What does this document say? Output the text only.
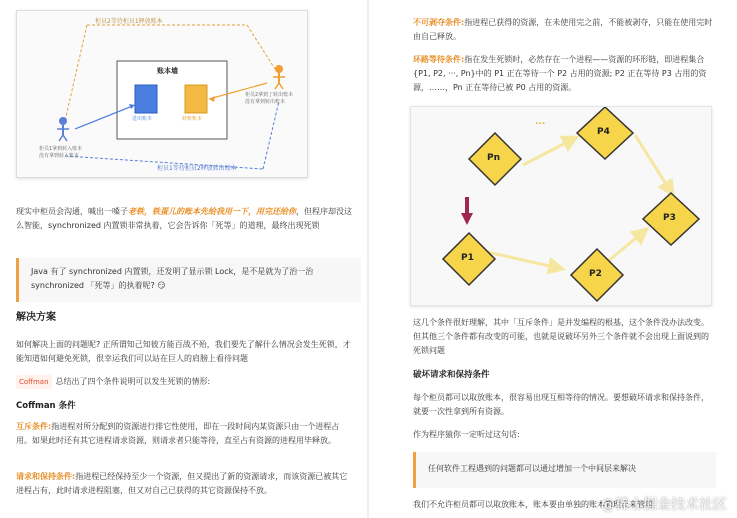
柜员2等待柜员1释放账本
账本墙
进出账本	转账账本
柜员2拿到了转出账本
没有拿到转出账本
柜员1拿到转入账本
没有拿到转入账本
柜员1等待柜员2释放转出账本
现实中柜员会沟通，喊出一嗓子老铁，铁蛋儿的账本先给我用一下，用完还给你，但程序却没这么智能，synchronized 内置锁非常执着，它会告诉你「死等」的道理，最终出现死锁
Java 有了 synchronized 内置锁，还发明了显示锁 Lock，是不是就为了治一治 synchronized 「死等」的执着呢? 😏
解决方案
如何解决上面的问题呢? 正所谓知己知彼方能百战不殆，我们要先了解什么情况会发生死锁，才能知道如何避免死锁，很幸运我们可以站在巨人的肩膀上看待问题
Coffman 总结出了四个条件说明可以发生死锁的情形:
Coffman 条件
互斥条件:指进程对所分配到的资源进行排它性使用，即在一段时间内某资源只由一个进程占用。如果此时还有其它进程请求资源，则请求者只能等待，直至占有资源的进程用毕释放。
请求和保持条件:指进程已经保持至少一个资源，但又提出了新的资源请求，而该资源已被其它进程占有，此时请求进程阻塞，但又对自己已获得的其它资源保持不放。
不可剥夺条件:指进程已获得的资源，在未使用完之前，不能被剥夺，只能在使用完时由自己释放。
环路等待条件:指在发生死锁时，必然存在一个进程——资源的环形链，即进程集合{P1, P2, ···, Pn}中的 P1 正在等待一个 P2 占用的资源; P2 正在等待 P3 占用的资源，……，Pn 正在等待已被 P0 占用的资源。
...
Pn
P4
P3
P2
P1
这几个条件很好理解，其中「互斥条件」是并发编程的根基，这个条件没办法改变。但其他三个条件都有改变的可能，也就是说破坏另外三个条件就不会出现上面说到的死锁问题
破坏请求和保持条件
每个柜员都可以取放账本，很容易出现互相等待的情况。要想破坏请求和保持条件，就要一次性拿到所有资源。
作为程序猿你一定听过这句话:
任何软件工程遇到的问题都可以通过增加一个中间层来解决
我们不允许柜员都可以取放账本，账本要由单独的账本管理员来管理
@稀土掘金技术社区
